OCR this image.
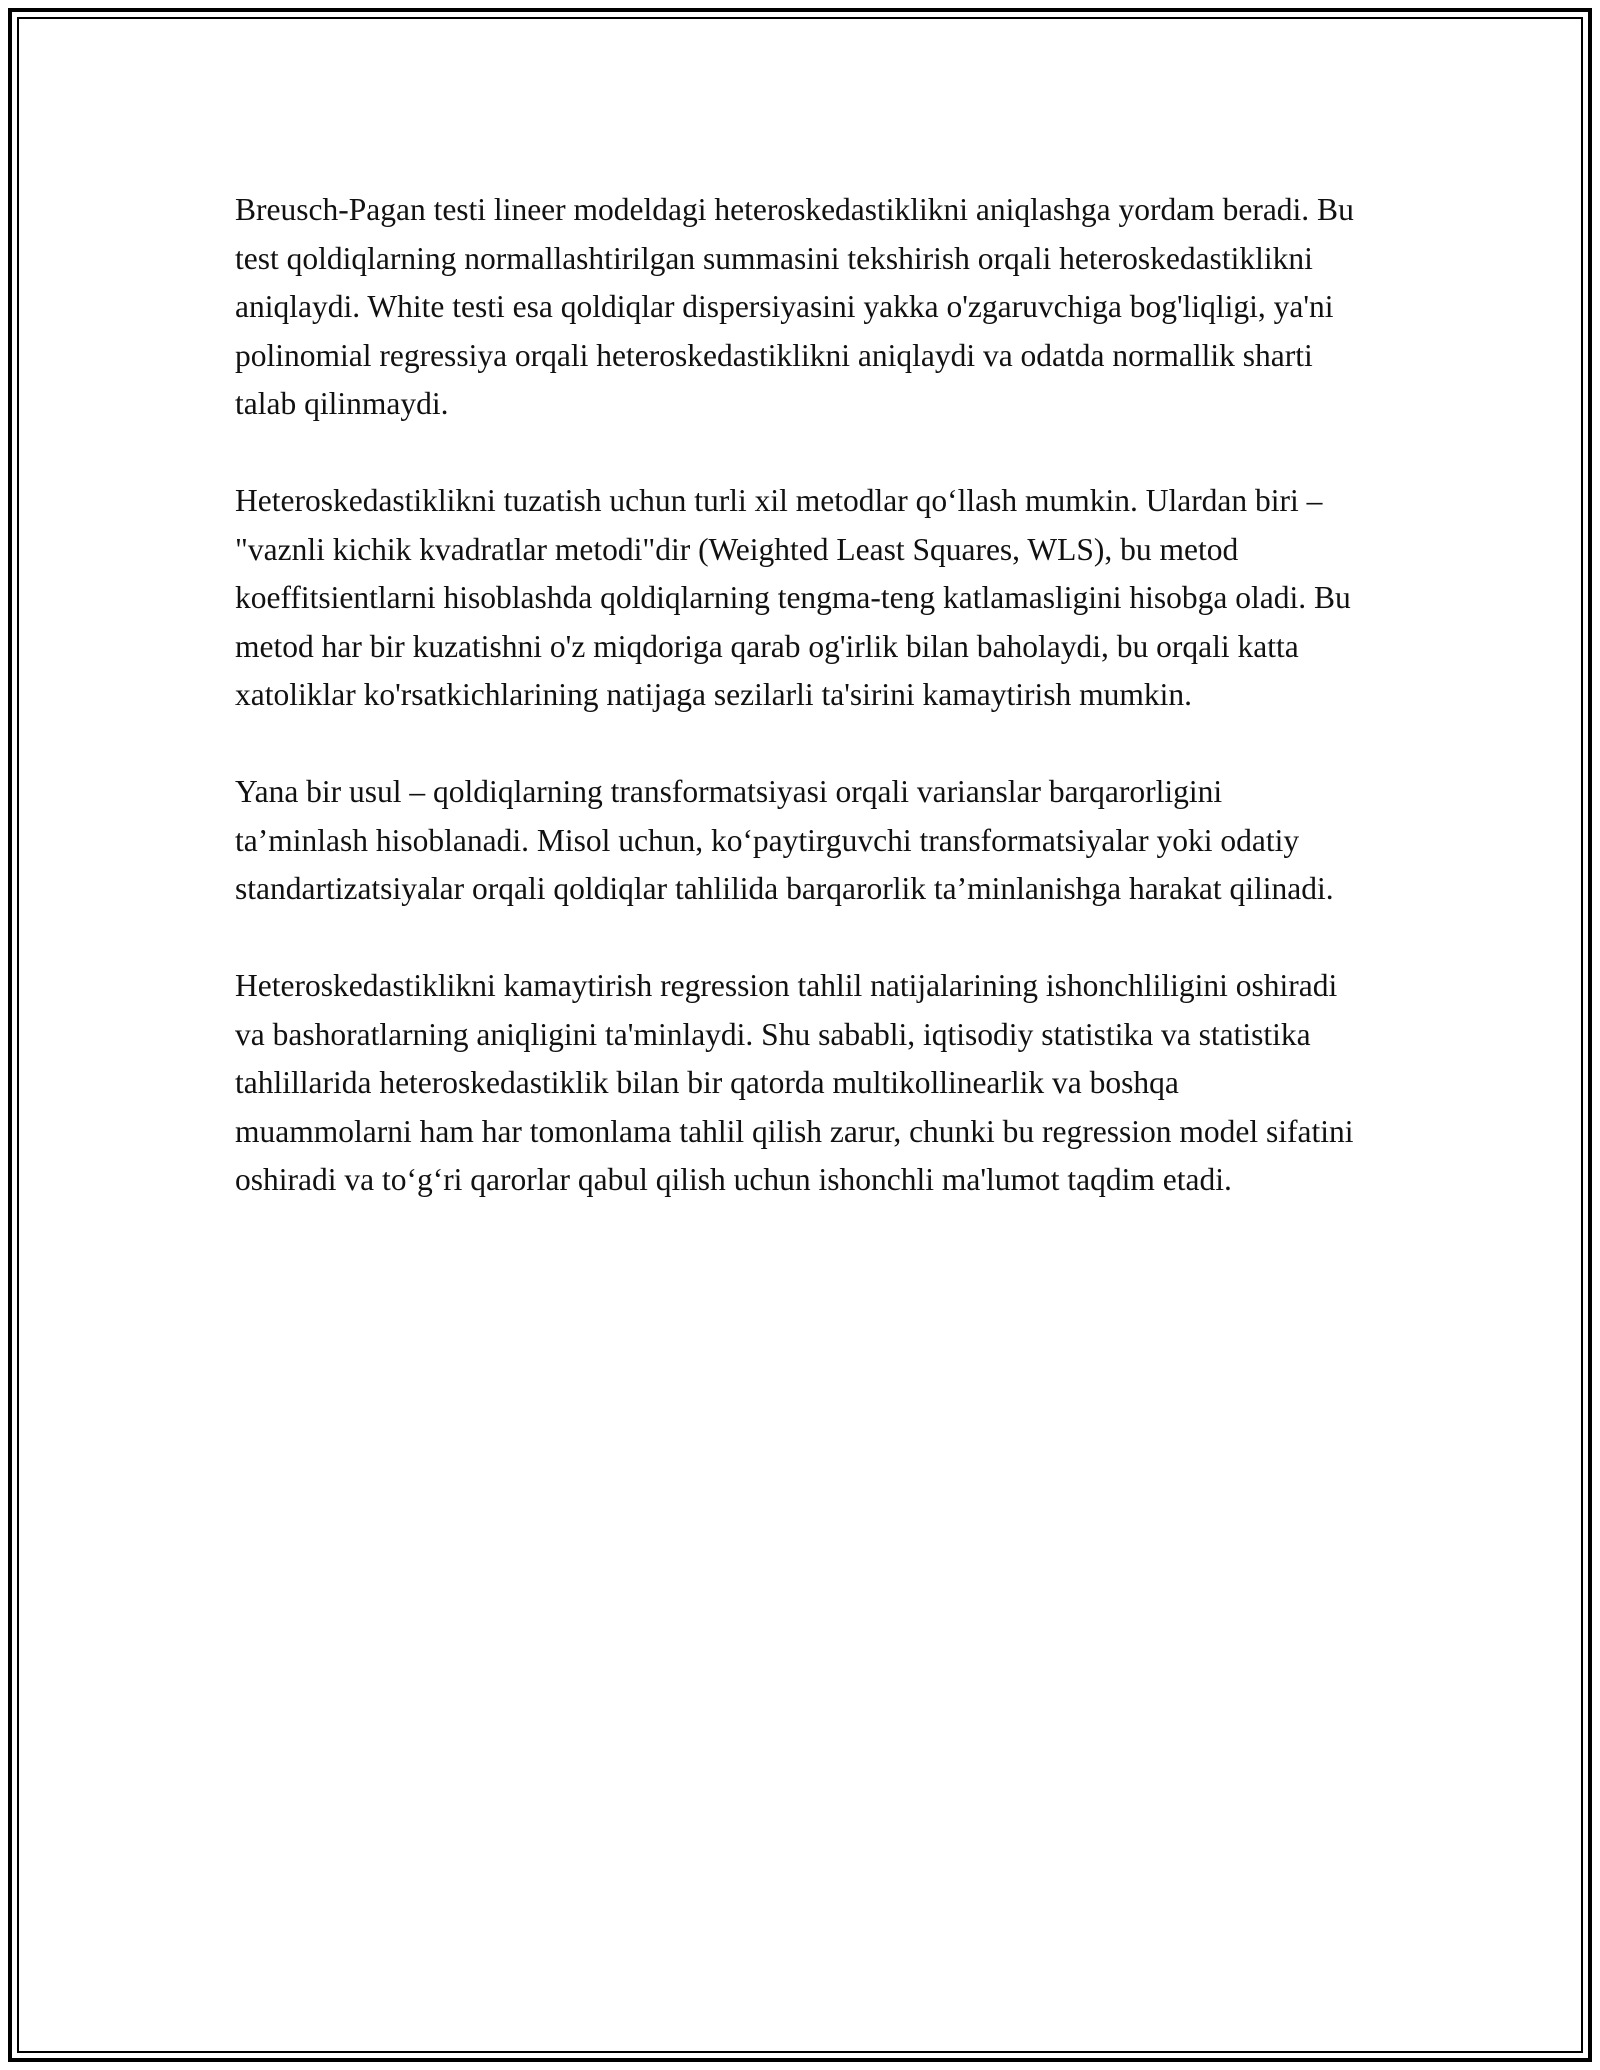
Breusch-Pagan testi lineer modeldagi heteroskedastiklikni aniqlashga yordam beradi. Bu test qoldiqlarning normallashtirilgan summasini tekshirish orqali heteroskedastiklikni aniqlaydi. White testi esa qoldiqlar dispersiyasini yakka o'zgaruvchiga bog'liqligi, ya'ni polinomial regressiya orqali heteroskedastiklikni aniqlaydi va odatda normallik sharti talab qilinmaydi.

Heteroskedastiklikni tuzatish uchun turli xil metodlar qo‘llash mumkin. Ulardan biri – "vaznli kichik kvadratlar metodi"dir (Weighted Least Squares, WLS), bu metod koeffitsientlarni hisoblashda qoldiqlarning tengma-teng katlamasligini hisobga oladi. Bu metod har bir kuzatishni o'z miqdoriga qarab og'irlik bilan baholaydi, bu orqali katta xatoliklar ko'rsatkichlarining natijaga sezilarli ta'sirini kamaytirish mumkin.

Yana bir usul – qoldiqlarning transformatsiyasi orqali varianslar barqarorligini ta’minlash hisoblanadi. Misol uchun, ko‘paytirguvchi transformatsiyalar yoki odatiy standartizatsiyalar orqali qoldiqlar tahlilida barqarorlik ta’minlanishga harakat qilinadi.

Heteroskedastiklikni kamaytirish regression tahlil natijalarining ishonchliligini oshiradi va bashoratlarning aniqligini ta'minlaydi. Shu sababli, iqtisodiy statistika va statistika tahlillarida heteroskedastiklik bilan bir qatorda multikollinearlik va boshqa muammolarni ham har tomonlama tahlil qilish zarur, chunki bu regression model sifatini oshiradi va to‘g‘ri qarorlar qabul qilish uchun ishonchli ma'lumot taqdim etadi.
